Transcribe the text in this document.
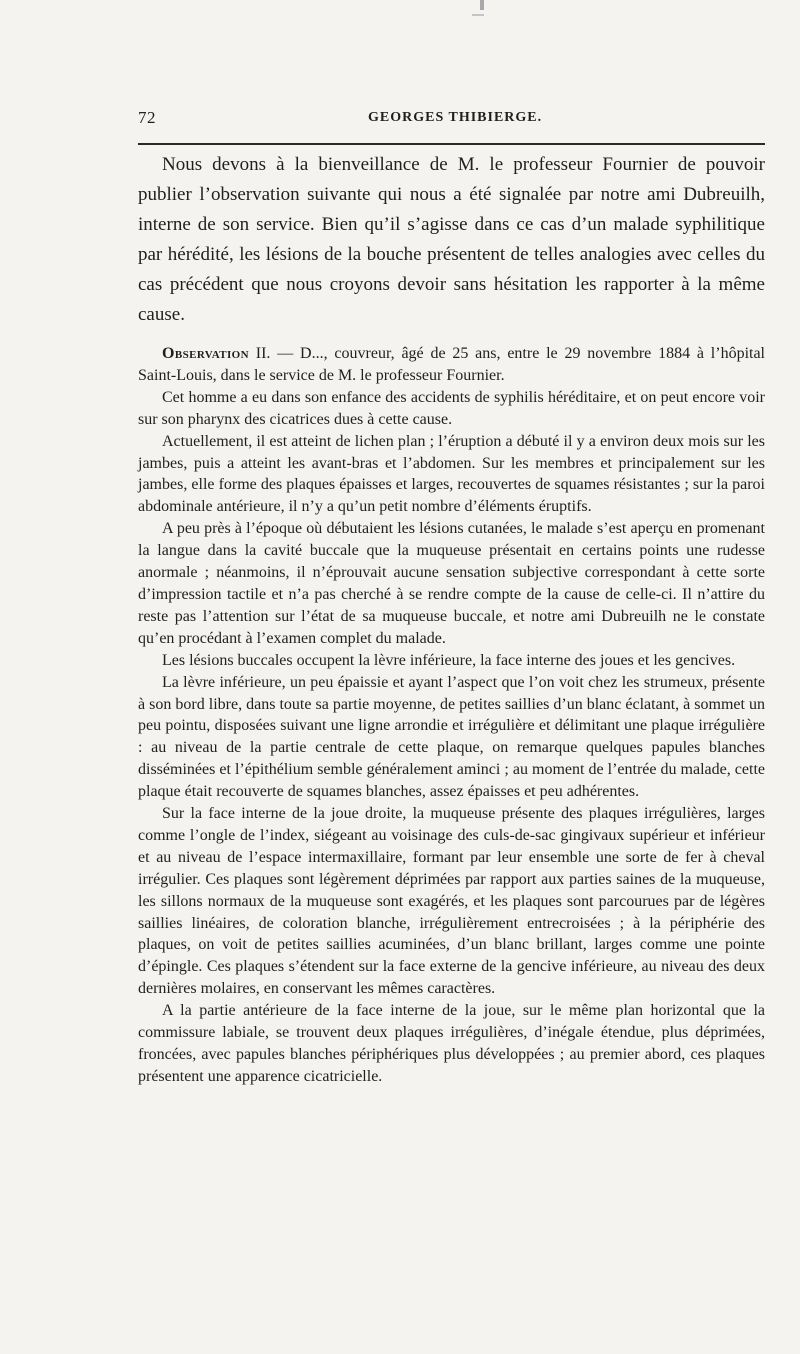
72	GEORGES THIBIERGE.

Nous devons à la bienveillance de M. le professeur Fournier de pouvoir publier l’observation suivante qui nous a été signalée par notre ami Dubreuilh, interne de son service. Bien qu’il s’agisse dans ce cas d’un malade syphilitique par hérédité, les lésions de la bouche présentent de telles analogies avec celles du cas précédent que nous croyons devoir sans hésitation les rapporter à la même cause.

Observation II. — D..., couvreur, âgé de 25 ans, entre le 29 novembre 1884 à l’hôpital Saint-Louis, dans le service de M. le professeur Fournier.

Cet homme a eu dans son enfance des accidents de syphilis héréditaire, et on peut encore voir sur son pharynx des cicatrices dues à cette cause.

Actuellement, il est atteint de lichen plan ; l’éruption a débuté il y a environ deux mois sur les jambes, puis a atteint les avant-bras et l’abdomen. Sur les membres et principalement sur les jambes, elle forme des plaques épaisses et larges, recouvertes de squames résistantes ; sur la paroi abdominale antérieure, il n’y a qu’un petit nombre d’éléments éruptifs.

A peu près à l’époque où débutaient les lésions cutanées, le malade s’est aperçu en promenant la langue dans la cavité buccale que la muqueuse présentait en certains points une rudesse anormale ; néanmoins, il n’éprouvait aucune sensation subjective correspondant à cette sorte d’impression tactile et n’a pas cherché à se rendre compte de la cause de celle-ci. Il n’attire du reste pas l’attention sur l’état de sa muqueuse buccale, et notre ami Dubreuilh ne le constate qu’en procédant à l’examen complet du malade.

Les lésions buccales occupent la lèvre inférieure, la face interne des joues et les gencives.

La lèvre inférieure, un peu épaissie et ayant l’aspect que l’on voit chez les strumeux, présente à son bord libre, dans toute sa partie moyenne, de petites saillies d’un blanc éclatant, à sommet un peu pointu, disposées suivant une ligne arrondie et irrégulière et délimitant une plaque irrégulière : au niveau de la partie centrale de cette plaque, on remarque quelques papules blanches disséminées et l’épithélium semble généralement aminci ; au moment de l’entrée du malade, cette plaque était recouverte de squames blanches, assez épaisses et peu adhérentes.

Sur la face interne de la joue droite, la muqueuse présente des plaques irrégulières, larges comme l’ongle de l’index, siégeant au voisinage des culs-de-sac gingivaux supérieur et inférieur et au niveau de l’espace intermaxillaire, formant par leur ensemble une sorte de fer à cheval irrégulier. Ces plaques sont légèrement déprimées par rapport aux parties saines de la muqueuse, les sillons normaux de la muqueuse sont exagérés, et les plaques sont parcourues par de légères saillies linéaires, de coloration blanche, irrégulièrement entrecroisées ; à la périphérie des plaques, on voit de petites saillies acuminées, d’un blanc brillant, larges comme une pointe d’épingle. Ces plaques s’étendent sur la face externe de la gencive inférieure, au niveau des deux dernières molaires, en conservant les mêmes caractères.

A la partie antérieure de la face interne de la joue, sur le même plan horizontal que la commissure labiale, se trouvent deux plaques irrégulières, d’inégale étendue, plus déprimées, froncées, avec papules blanches périphériques plus développées ; au premier abord, ces plaques présentent une apparence cicatricielle.
